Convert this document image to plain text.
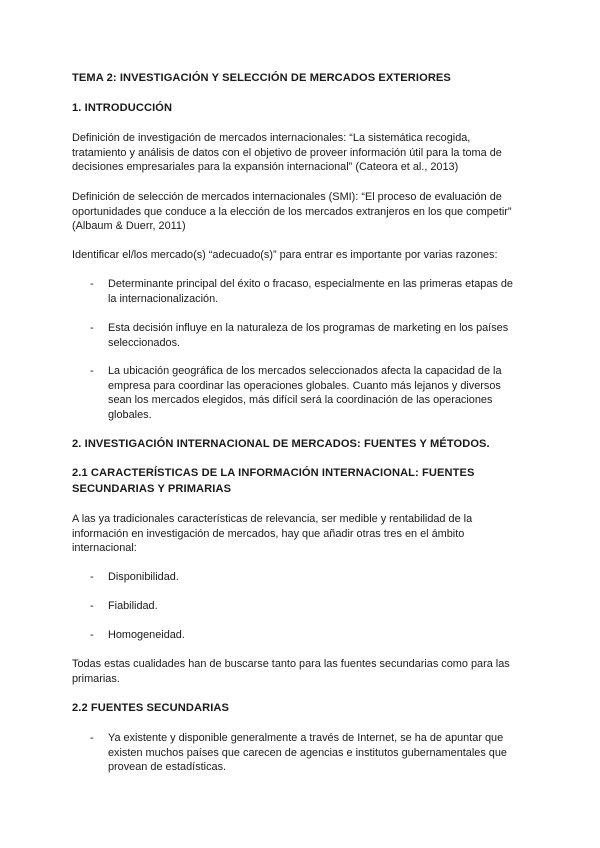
TEMA 2: INVESTIGACIÓN Y SELECCIÓN DE MERCADOS EXTERIORES
1. INTRODUCCIÓN

Definición de investigación de mercados internacionales: “La sistemática recogida, tratamiento y análisis de datos con el objetivo de proveer información útil para la toma de decisiones empresariales para la expansión internacional” (Cateora et al., 2013)

Definición de selección de mercados internacionales (SMI): “El proceso de evaluación de oportunidades que conduce a la elección de los mercados extranjeros en los que competir” (Albaum & Duerr, 2011)

Identificar el/los mercado(s) “adecuado(s)” para entrar es importante por varias razones:

-	Determinante principal del éxito o fracaso, especialmente en las primeras etapas de la internacionalización.
-	Esta decisión influye en la naturaleza de los programas de marketing en los países seleccionados.
-	La ubicación geográfica de los mercados seleccionados afecta la capacidad de la empresa para coordinar las operaciones globales. Cuanto más lejanos y diversos sean los mercados elegidos, más difícil será la coordinación de las operaciones globales.
2. INVESTIGACIÓN INTERNACIONAL DE MERCADOS: FUENTES Y MÉTODOS.
2.1 CARACTERÍSTICAS DE LA INFORMACIÓN INTERNACIONAL: FUENTES SECUNDARIAS Y PRIMARIAS

A las ya tradicionales características de relevancia, ser medible y rentabilidad de la información en investigación de mercados, hay que añadir otras tres en el ámbito internacional:

-	Disponibilidad.
-	Fiabilidad.
-	Homogeneidad.

Todas estas cualidades han de buscarse tanto para las fuentes secundarias como para las primarias.

2.2 FUENTES SECUNDARIAS
-	Ya existente y disponible generalmente a través de Internet, se ha de apuntar que existen muchos países que carecen de agencias e institutos gubernamentales que provean de estadísticas.
